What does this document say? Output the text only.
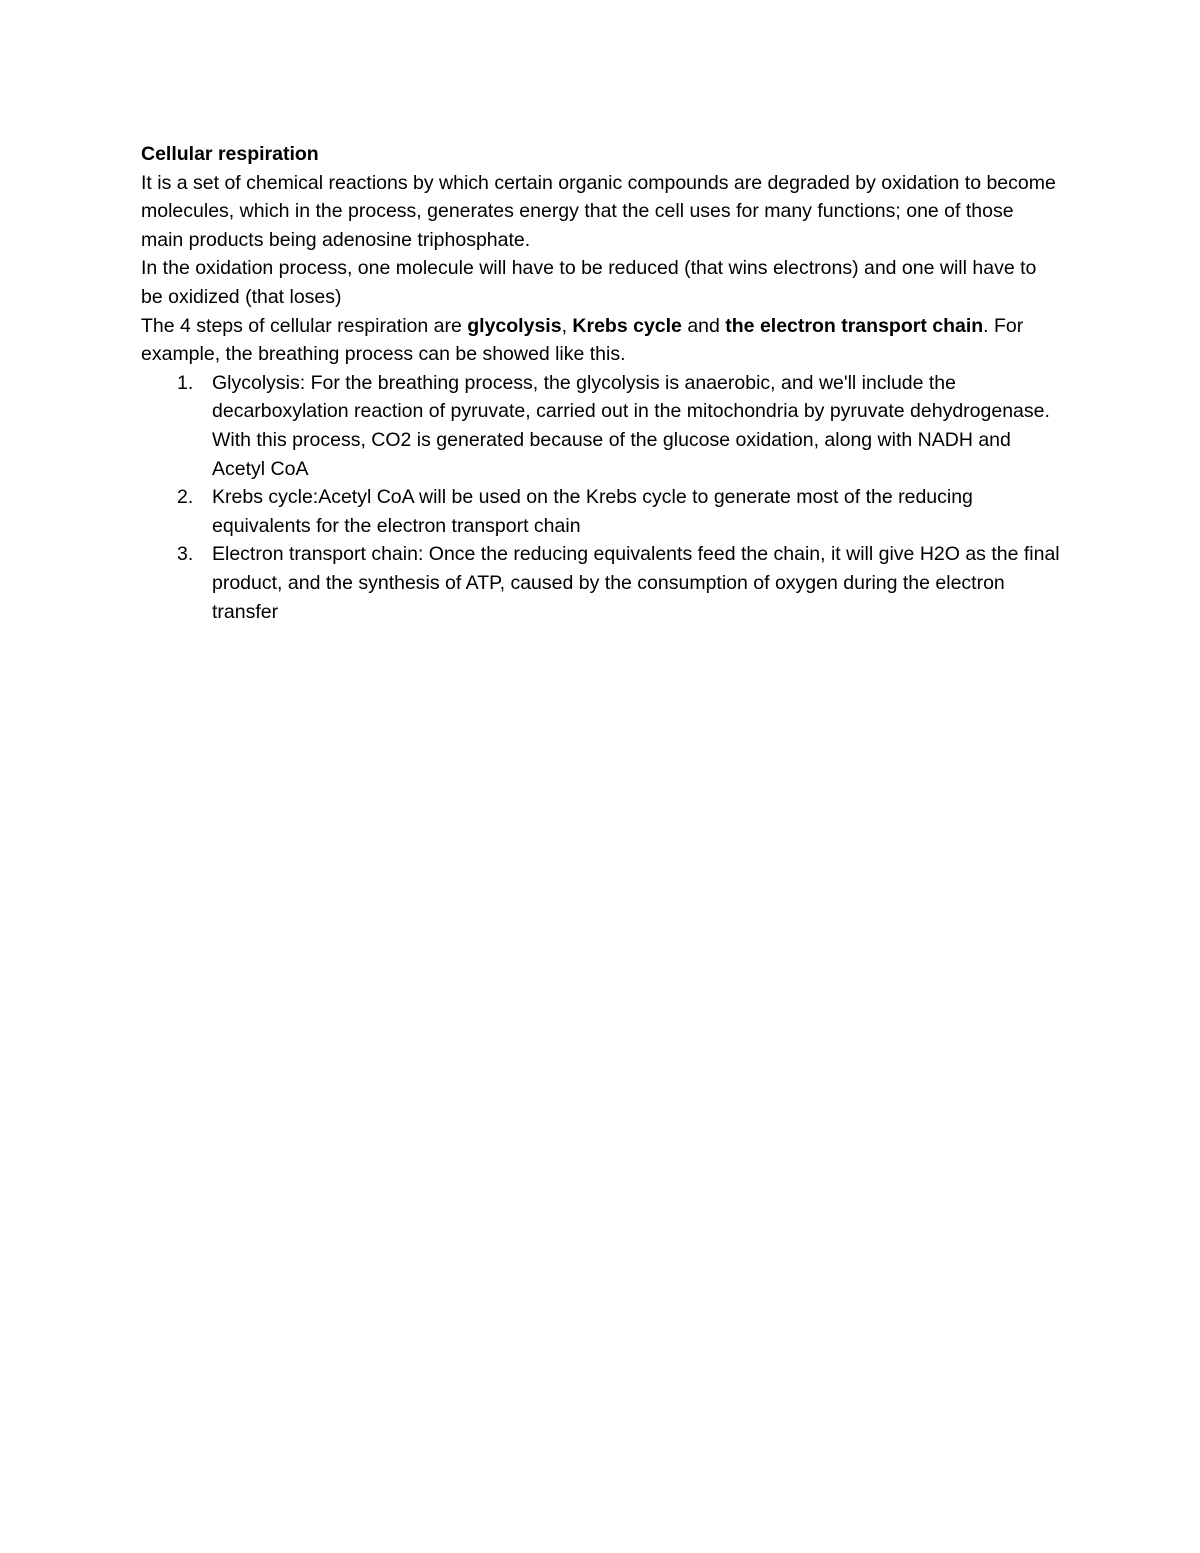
Cellular respiration

It is a set of chemical reactions by which certain organic compounds are degraded by oxidation to become molecules, which in the process, generates energy that the cell uses for many functions; one of those main products being adenosine triphosphate.

In the oxidation process, one molecule will have to be reduced (that wins electrons) and one will have to be oxidized (that loses)

The 4 steps of cellular respiration are glycolysis, Krebs cycle and the electron transport chain. For example, the breathing process can be showed like this.

1. Glycolysis: For the breathing process, the glycolysis is anaerobic, and we'll include the decarboxylation reaction of pyruvate, carried out in the mitochondria by pyruvate dehydrogenase. With this process, CO2 is generated because of the glucose oxidation, along with NADH and Acetyl CoA
2. Krebs cycle:Acetyl CoA will be used on the Krebs cycle to generate most of the reducing equivalents for the electron transport chain
3. Electron transport chain: Once the reducing equivalents feed the chain, it will give H2O as the final product, and the synthesis of ATP, caused by the consumption of oxygen during the electron transfer
